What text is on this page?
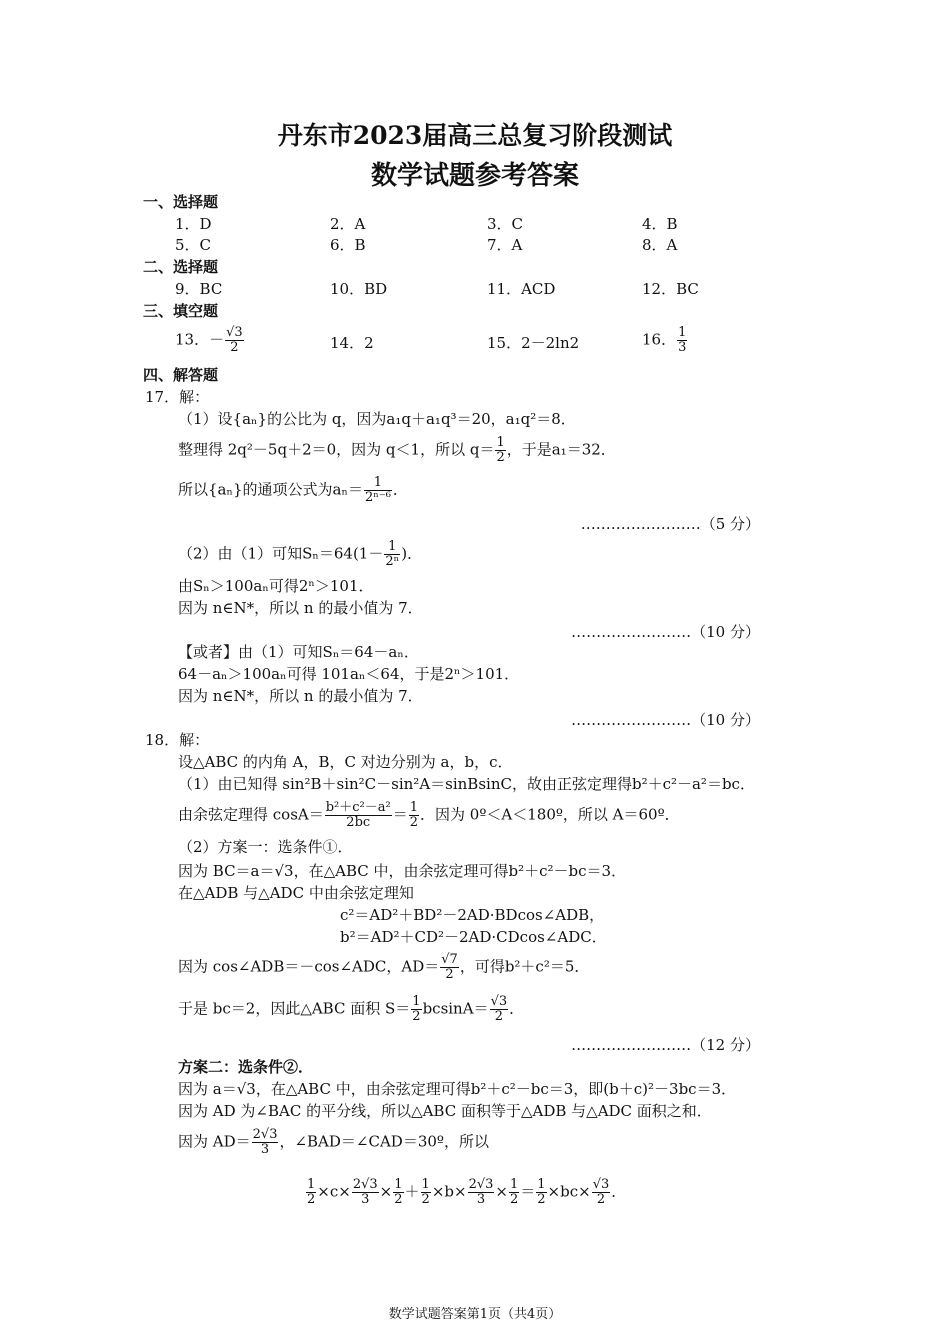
丹东市2023届高三总复习阶段测试
数学试题参考答案
一、选择题
1．D	2．A	3．C	4．B
5．C	6．B	7．A	8．A
二、选择题
9．BC	10．BD	11．ACD	12．BC
三、填空题
13．－ $\frac{√3}{2}$	14．2	15．2－2ln2	16． $\frac{1}{3}$
四、解答题
17．解：
（1）设{aₙ}的公比为 q，因为a₁q＋a₁q³＝20，a₁q²＝8．
整理得 2q²－5q＋2＝0，因为 q＜1，所以 $q= \frac{1}{2}$ ，于是a₁＝32．
所以{aₙ}的通项公式为$a_n= \frac{1}{\text{2ⁿ⁻⁶}}$ ．
……………………（5 分）
（2）由（1）可知$S_n=64(1- \frac{1}{\text{2ⁿ}}$ )．
由Sₙ＞100aₙ可得2ⁿ＞101．
因为 n∈N*，所以 n 的最小值为 7．
……………………（10 分）
【或者】由（1）可知Sₙ＝64－aₙ．
64－aₙ＞100aₙ可得 101aₙ＜64，于是2ⁿ＞101．
因为 n∈N*，所以 n 的最小值为 7．
……………………（10 分）
18．解：
设△ABC 的内角 A，B，C 对边分别为 a，b，c．
（1）由已知得 sin²B＋sin²C－sin²A＝sinBsinC，故由正弦定理得b²＋c²－a²＝bc．
由余弦定理得 $\cos A= \frac{\text{b²＋c²－a²}}{2bc} = \frac{1}{2}$ ．因为 0º＜A＜180º，所以 A＝60º．
（2）方案一：选条件①．
因为 BC＝a＝√3，在△ABC 中，由余弦定理可得b²＋c²－bc＝3．
在△ADB 与△ADC 中由余弦定理知
c²＝AD²＋BD²－2AD·BDcos∠ADB，
b²＝AD²＋CD²－2AD·CDcos∠ADC．
因为 cos∠ADB＝－cos∠ADC，$AD= \frac{√7}{2}$ ，可得b²＋c²＝5．
于是 bc＝2，因此△ABC 面积 $S= \frac{1}{2} bcsinA= \frac{√3}{2}$ ．
……………………（12 分）
方案二：选条件②．
因为 a＝√3，在△ABC 中，由余弦定理可得b²＋c²－bc＝3，即(b＋c)²－3bc＝3．
因为 AD 为∠BAC 的平分线，所以△ABC 面积等于△ADB 与△ADC 面积之和．
因为 $AD= \frac{2√3}{3}$ ，∠BAD＝∠CAD＝30º，所以
$\frac{1}{2} \times c\times \frac{2√3}{3} \times \frac{1}{2} + \frac{1}{2} \times b\times \frac{2√3}{3} \times \frac{1}{2} = \frac{1}{2} \times bc\times \frac{√3}{2}$ ．
数学试题答案第1页（共4页）
